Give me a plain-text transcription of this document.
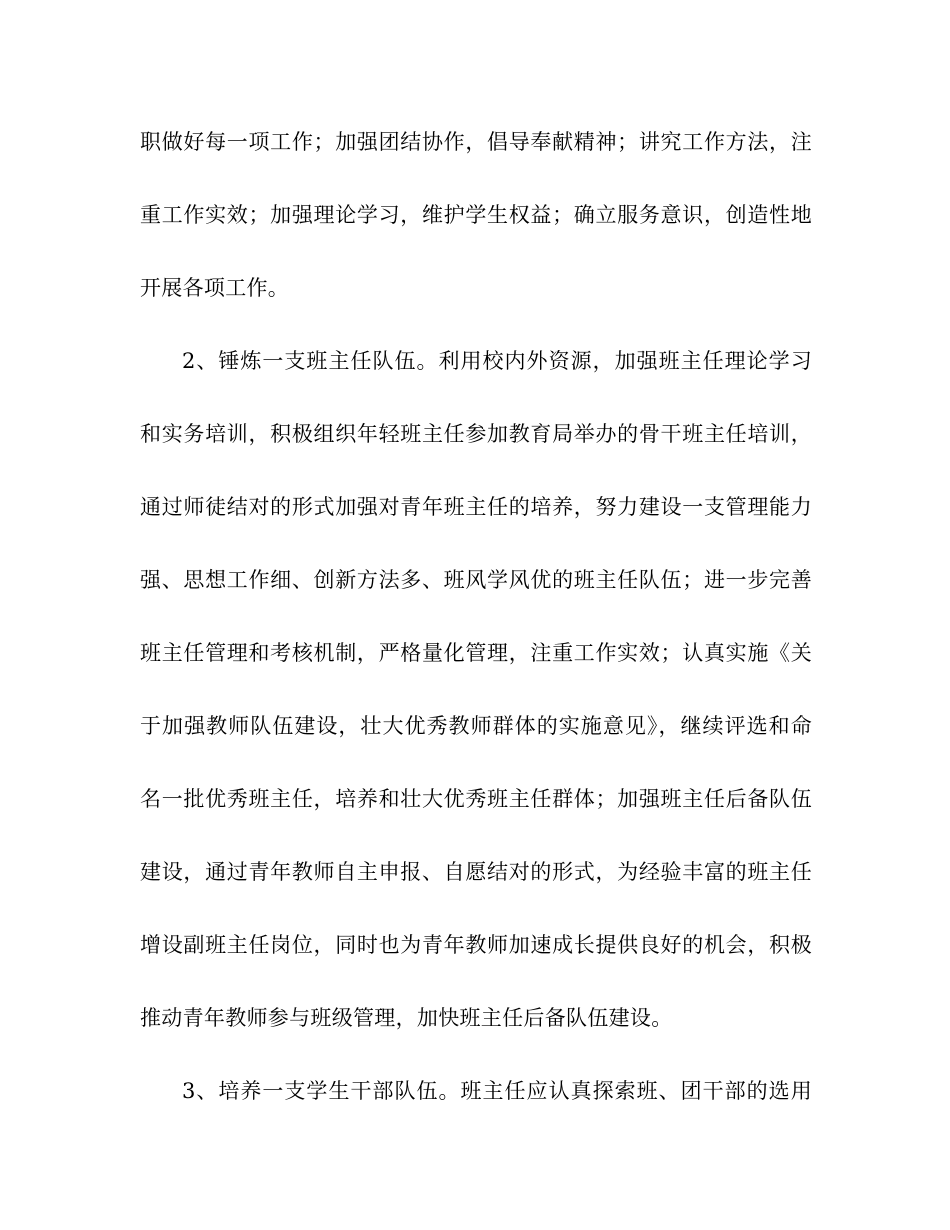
职做好每一项工作；加强团结协作，倡导奉献精神；讲究工作方法，注
重工作实效；加强理论学习，维护学生权益；确立服务意识，创造性地
开展各项工作。
2、锤炼一支班主任队伍。利用校内外资源，加强班主任理论学习
和实务培训，积极组织年轻班主任参加教育局举办的骨干班主任培训，
通过师徒结对的形式加强对青年班主任的培养，努力建设一支管理能力
强、思想工作细、创新方法多、班风学风优的班主任队伍；进一步完善
班主任管理和考核机制，严格量化管理，注重工作实效；认真实施《关
于加强教师队伍建设，壮大优秀教师群体的实施意见》，继续评选和命
名一批优秀班主任，培养和壮大优秀班主任群体；加强班主任后备队伍
建设，通过青年教师自主申报、自愿结对的形式，为经验丰富的班主任
增设副班主任岗位，同时也为青年教师加速成长提供良好的机会，积极
推动青年教师参与班级管理，加快班主任后备队伍建设。
3、培养一支学生干部队伍。班主任应认真探索班、团干部的选用
